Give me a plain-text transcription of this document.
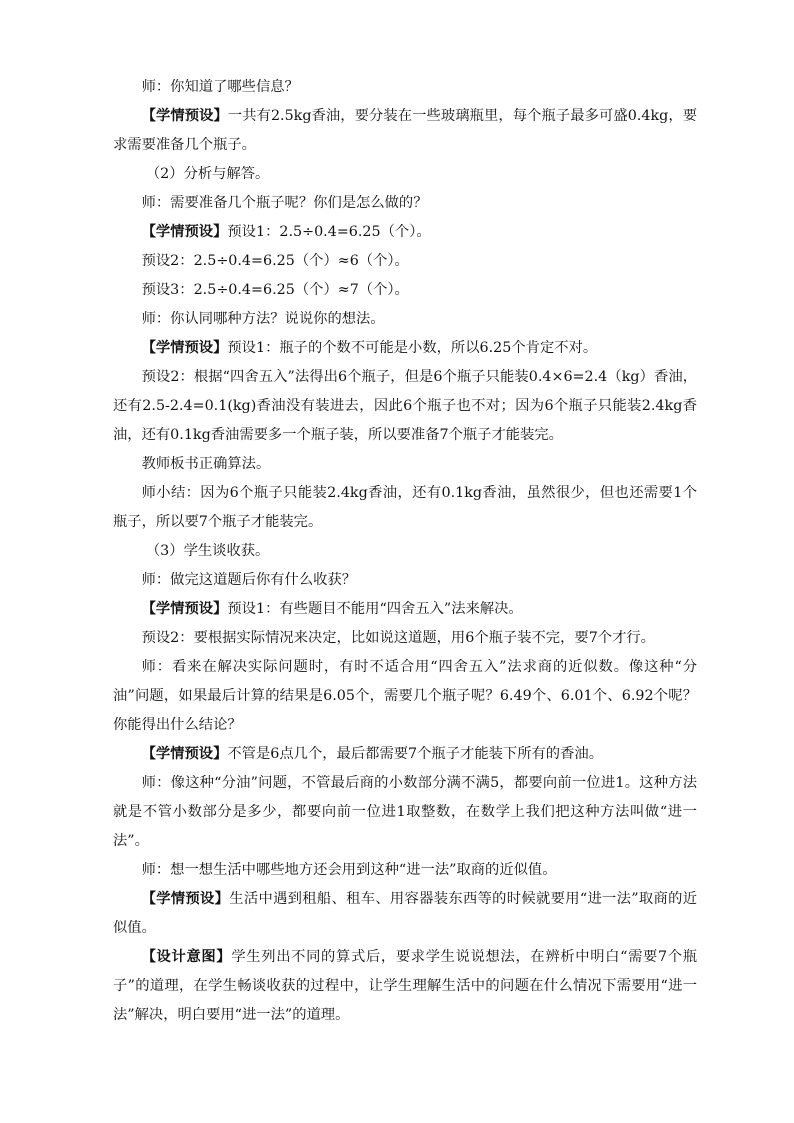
师：你知道了哪些信息？

【学情预设】一共有2.5kg香油，要分装在一些玻璃瓶里，每个瓶子最多可盛0.4kg，要求需要准备几个瓶子。

（2）分析与解答。

师：需要准备几个瓶子呢？你们是怎么做的？

【学情预设】预设1：2.5÷0.4=6.25（个）。

预设2：2.5÷0.4=6.25（个）≈6（个）。

预设3：2.5÷0.4=6.25（个）≈7（个）。

师：你认同哪种方法？说说你的想法。

【学情预设】预设1：瓶子的个数不可能是小数，所以6.25个肯定不对。

预设2：根据“四舍五入”法得出6个瓶子，但是6个瓶子只能装0.4×6=2.4（kg）香油，还有2.5-2.4=0.1(kg)香油没有装进去，因此6个瓶子也不对；因为6个瓶子只能装2.4kg香油，还有0.1kg香油需要多一个瓶子装，所以要准备7个瓶子才能装完。

教师板书正确算法。

师小结：因为6个瓶子只能装2.4kg香油，还有0.1kg香油，虽然很少，但也还需要1个瓶子，所以要7个瓶子才能装完。

（3）学生谈收获。

师：做完这道题后你有什么收获？

【学情预设】预设1：有些题目不能用“四舍五入”法来解决。

预设2：要根据实际情况来决定，比如说这道题，用6个瓶子装不完，要7个才行。

师：看来在解决实际问题时，有时不适合用“四舍五入”法求商的近似数。像这种“分油”问题，如果最后计算的结果是6.05个，需要几个瓶子呢？6.49个、6.01个、6.92个呢？你能得出什么结论？

【学情预设】不管是6点几个，最后都需要7个瓶子才能装下所有的香油。

师：像这种“分油”问题，不管最后商的小数部分满不满5，都要向前一位进1。这种方法就是不管小数部分是多少，都要向前一位进1取整数，在数学上我们把这种方法叫做“进一法”。

师：想一想生活中哪些地方还会用到这种“进一法”取商的近似值。

【学情预设】生活中遇到租船、租车、用容器装东西等的时候就要用“进一法”取商的近似值。

【设计意图】学生列出不同的算式后，要求学生说说想法，在辨析中明白“需要7个瓶子”的道理，在学生畅谈收获的过程中，让学生理解生活中的问题在什么情况下需要用“进一法”解决，明白要用“进一法”的道理。
